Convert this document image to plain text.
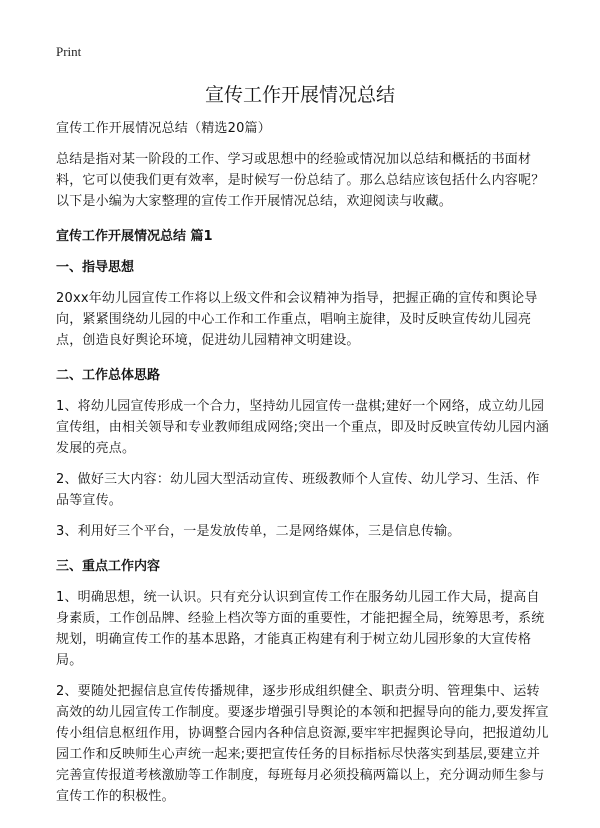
Print
宣传工作开展情况总结

宣传工作开展情况总结（精选20篇）

总结是指对某一阶段的工作、学习或思想中的经验或情况加以总结和概括的书面材料，它可以使我们更有效率，是时候写一份总结了。那么总结应该包括什么内容呢？以下是小编为大家整理的宣传工作开展情况总结，欢迎阅读与收藏。

宣传工作开展情况总结 篇1

一、指导思想

20xx年幼儿园宣传工作将以上级文件和会议精神为指导，把握正确的宣传和舆论导向，紧紧围绕幼儿园的中心工作和工作重点，唱响主旋律，及时反映宣传幼儿园亮点，创造良好舆论环境，促进幼儿园精神文明建设。

二、工作总体思路

1、将幼儿园宣传形成一个合力，坚持幼儿园宣传一盘棋;建好一个网络，成立幼儿园宣传组，由相关领导和专业教师组成网络;突出一个重点，即及时反映宣传幼儿园内涵发展的亮点。

2、做好三大内容：幼儿园大型活动宣传、班级教师个人宣传、幼儿学习、生活、作品等宣传。

3、利用好三个平台，一是发放传单，二是网络媒体，三是信息传输。

三、重点工作内容

1、明确思想，统一认识。只有充分认识到宣传工作在服务幼儿园工作大局，提高自身素质，工作创品牌、经验上档次等方面的重要性，才能把握全局，统筹思考，系统规划，明确宣传工作的基本思路，才能真正构建有利于树立幼儿园形象的大宣传格局。

2、要随处把握信息宣传传播规律，逐步形成组织健全、职责分明、管理集中、运转高效的幼儿园宣传工作制度。要逐步增强引导舆论的本领和把握导向的能力,要发挥宣传小组信息枢纽作用，协调整合园内各种信息资源,要牢牢把握舆论导向，把报道幼儿园工作和反映师生心声统一起来;要把宣传任务的目标指标尽快落实到基层,要建立并完善宣传报道考核激励等工作制度，每班每月必须投稿两篇以上，充分调动师生参与宣传工作的积极性。
